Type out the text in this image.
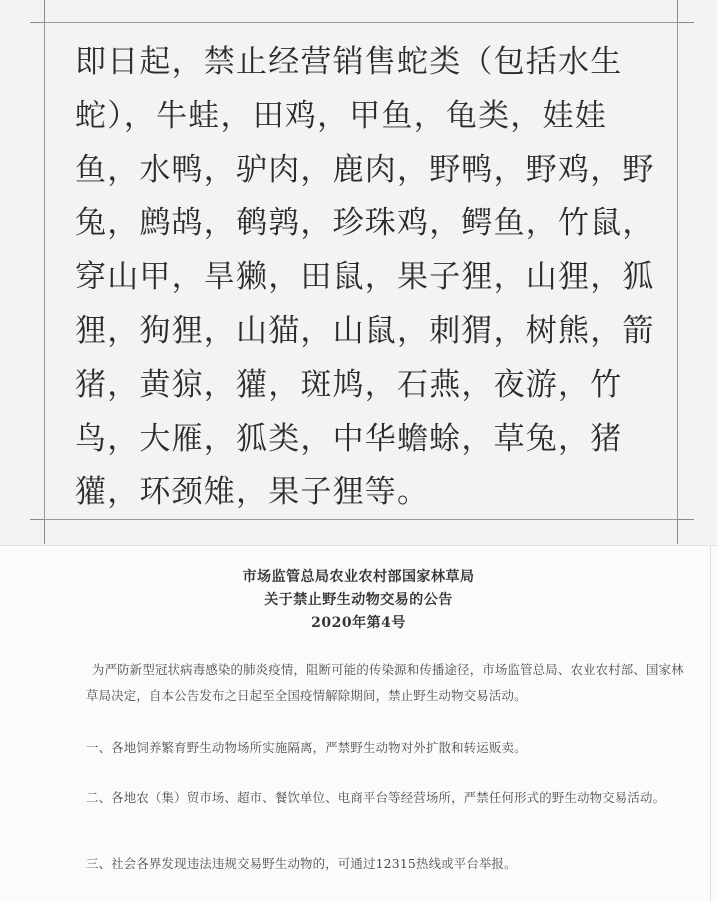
即日起，禁止经营销售蛇类（包括水生蛇），牛蛙，田鸡，甲鱼，龟类，娃娃鱼，水鸭，驴肉，鹿肉，野鸭，野鸡，野兔，鹧鸪，鹌鹑，珍珠鸡，鳄鱼，竹鼠，穿山甲，旱獭，田鼠，果子狸，山狸，狐狸，狗狸，山猫，山鼠，刺猬，树熊，箭猪，黄猄，獾，斑鸠，石燕，夜游，竹鸟，大雁，狐类，中华蟾蜍，草兔，猪獾，环颈雉，果子狸等。

市场监管总局农业农村部国家林草局
关于禁止野生动物交易的公告
2020年第4号

为严防新型冠状病毒感染的肺炎疫情，阻断可能的传染源和传播途径，市场监管总局、农业农村部、国家林草局决定，自本公告发布之日起至全国疫情解除期间，禁止野生动物交易活动。

一、各地饲养繁育野生动物场所实施隔离，严禁野生动物对外扩散和转运贩卖。

二、各地农（集）贸市场、超市、餐饮单位、电商平台等经营场所，严禁任何形式的野生动物交易活动。

三、社会各界发现违法违规交易野生动物的，可通过12315热线或平台举报。
